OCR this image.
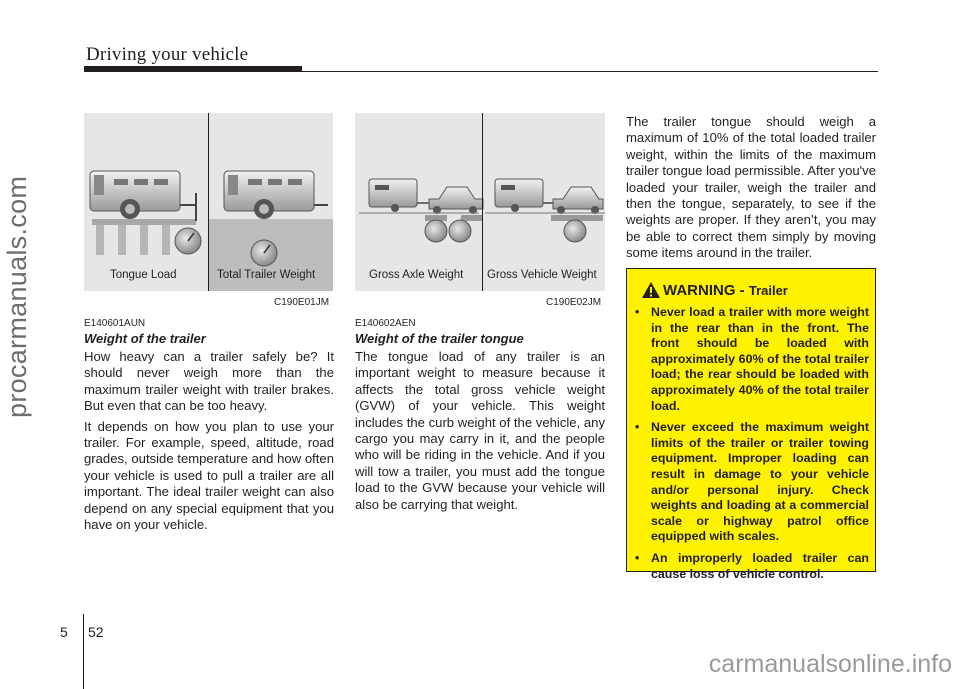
Driving your vehicle
procarmanuals.com
carmanualsonline.info
Tongue Load	Total Trailer Weight
C190E01JM
Gross Axle Weight Gross Vehicle Weight
C190E02JM
E140601AUN
Weight of the trailer

How heavy can a trailer safely be? It should never weigh more than the maximum trailer weight with trailer brakes. But even that can be too heavy.

It depends on how you plan to use your trailer. For example, speed, altitude, road grades, outside temperature and how often your vehicle is used to pull a trailer are all important. The ideal trailer weight can also depend on any special equipment that you have on your vehicle.

E140602AEN
Weight of the trailer tongue

The tongue load of any trailer is an important weight to measure because it affects the total gross vehicle weight (GVW) of your vehicle. This weight includes the curb weight of the vehicle, any cargo you may carry in it, and the people who will be riding in the vehicle. And if you will tow a trailer, you must add the tongue load to the GVW because your vehicle will also be carrying that weight.

The trailer tongue should weigh a maximum of 10% of the total loaded trailer weight, within the limits of the maximum trailer tongue load permissible. After you've loaded your trailer, weigh the trailer and then the tongue, separately, to see if the weights are proper. If they aren’t, you may be able to correct them simply by moving some items around in the trailer.

WARNING - Trailer
• Never load a trailer with more weight in the rear than in the front. The front should be loaded with approximately 60% of the total trailer load; the rear should be loaded with approximately 40% of the total trailer load.
• Never exceed the maximum weight limits of the trailer or trailer towing equipment. Improper loading can result in damage to your vehicle and/or personal injury. Check weights and loading at a commercial scale or highway patrol office equipped with scales.
• An improperly loaded trailer can cause loss of vehicle control.
5 52
